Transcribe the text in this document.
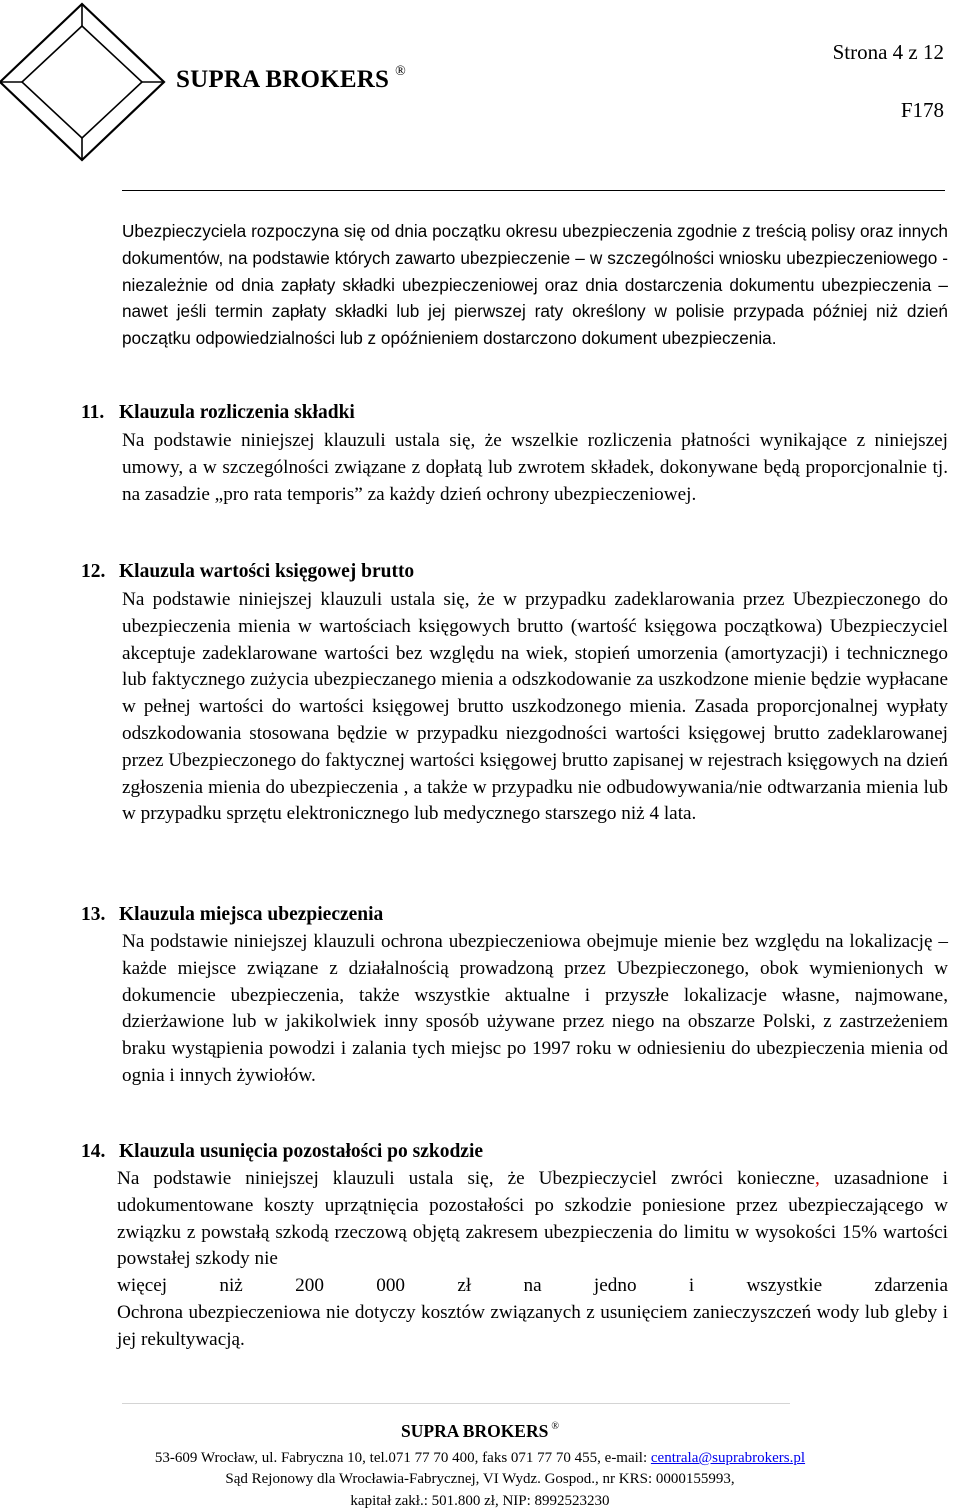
SUPRA BROKERS ®
Strona 4 z 12
F178
Ubezpieczyciela rozpoczyna się od dnia początku okresu ubezpieczenia zgodnie z treścią polisy oraz innych dokumentów, na podstawie których zawarto ubezpieczenie – w szczególności wniosku ubezpieczeniowego - niezależnie od dnia zapłaty składki ubezpieczeniowej oraz dnia dostarczenia dokumentu ubezpieczenia – nawet jeśli termin zapłaty składki lub jej pierwszej raty określony w polisie przypada później niż dzień początku odpowiedzialności lub z opóźnieniem dostarczono dokument ubezpieczenia.
11. Klauzula rozliczenia składki
Na podstawie niniejszej klauzuli ustala się, że wszelkie rozliczenia płatności wynikające z niniejszej umowy, a w szczególności związane z dopłatą lub zwrotem składek, dokonywane będą proporcjonalnie tj. na zasadzie „pro rata temporis” za każdy dzień ochrony ubezpieczeniowej.
12. Klauzula wartości księgowej brutto
Na podstawie niniejszej klauzuli ustala się, że w przypadku zadeklarowania przez Ubezpieczonego do ubezpieczenia mienia w wartościach księgowych brutto (wartość księgowa początkowa) Ubezpieczyciel akceptuje zadeklarowane wartości bez względu na wiek, stopień umorzenia (amortyzacji) i technicznego lub faktycznego zużycia ubezpieczanego mienia a odszkodowanie za uszkodzone mienie będzie wypłacane w pełnej wartości do wartości księgowej brutto uszkodzonego mienia. Zasada proporcjonalnej wypłaty odszkodowania stosowana będzie w przypadku niezgodności wartości księgowej brutto zadeklarowanej przez Ubezpieczonego do faktycznej wartości księgowej brutto zapisanej w rejestrach księgowych na dzień zgłoszenia mienia do ubezpieczenia , a także w przypadku nie odbudowywania/nie odtwarzania mienia lub w przypadku sprzętu elektronicznego lub medycznego starszego niż 4 lata.
13. Klauzula miejsca ubezpieczenia
Na podstawie niniejszej klauzuli ochrona ubezpieczeniowa obejmuje mienie bez względu na lokalizację – każde miejsce związane z działalnością prowadzoną przez Ubezpieczonego, obok wymienionych w dokumencie ubezpieczenia, także wszystkie aktualne i przyszłe lokalizacje własne, najmowane, dzierżawione lub w jakikolwiek inny sposób używane przez niego na obszarze Polski, z zastrzeżeniem braku wystąpienia powodzi i zalania tych miejsc po 1997 roku w odniesieniu do ubezpieczenia mienia od ognia i innych żywiołów.
14. Klauzula usunięcia pozostałości po szkodzie
Na podstawie niniejszej klauzuli ustala się, że Ubezpieczyciel zwróci konieczne, uzasadnione i udokumentowane koszty uprzątnięcia pozostałości po szkodzie poniesione przez ubezpieczającego w związku z powstałą szkodą rzeczową objętą zakresem ubezpieczenia do limitu w wysokości 15% wartości powstałej szkody nie
więcej niż 200 000 zł na jedno i wszystkie zdarzenia
Ochrona ubezpieczeniowa nie dotyczy kosztów związanych z usunięciem zanieczyszczeń wody lub gleby i jej rekultywacją.
SUPRA BROKERS ®
53-609 Wrocław, ul. Fabryczna 10, tel.071 77 70 400, faks 071 77 70 455, e-mail: centrala@suprabrokers.pl
Sąd Rejonowy dla Wrocławia-Fabrycznej, VI Wydz. Gospod., nr KRS: 0000155993,
kapitał zakł.: 501.800 zł, NIP: 8992523230
